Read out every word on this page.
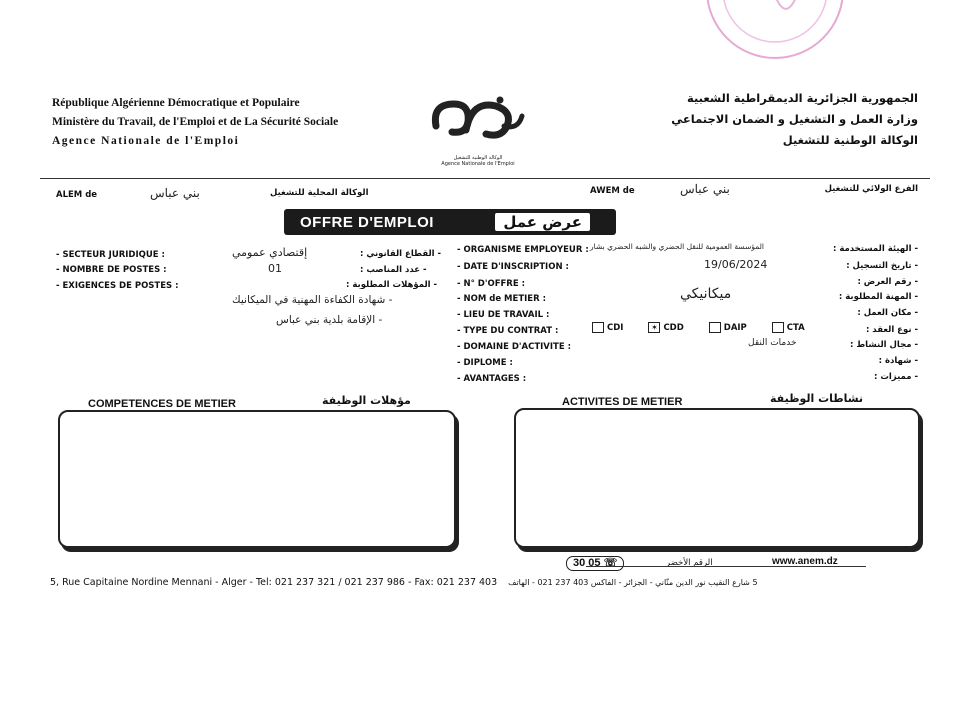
République Algérienne Démocratique et Populaire
Ministère du Travail, de l'Emploi et de La Sécurité Sociale
Agence Nationale de l'Emploi
الوكالة الوطنية للتشغيل
Agence Nationale de l'Emploi
الجمهورية الجزائرية الديمقراطية الشعبية
وزارة العمل و التشغيل و الضمان الاجتماعي
الوكالة الوطنية للتشغيل
ALEM de	بني عباس	الوكالة المحلية للتشغيل	AWEM de	بني عباس	الفرع الولائي للتشغيل
OFFRE D'EMPLOI	عرض عمل
- SECTEUR JURIDIQUE :	إقتصادي عمومي	- القطاع القانوني :
- NOMBRE DE POSTES :	01	- عدد المناصب :
- EXIGENCES DE POSTES :	- المؤهلات المطلوبة :
- شهادة الكفاءة المهنية في الميكانيك
- الإقامة بلدية بني عباس
- ORGANISME EMPLOYEUR : المؤسسة العمومية للنقل الحضري والشبه الحضري بشار	- الهيئة المستخدمة :
- DATE D'INSCRIPTION :	19/06/2024	- تاريخ التسجيل :
- N° D'OFFRE :	- رقم العرض :
- NOM de METIER :	ميكانيكي	- المهنة المطلوبة :
- LIEU DE TRAVAIL :	- مكان العمل :
- TYPE DU CONTRAT :	CDI	✶ CDD	DAIP	CTA	- نوع العقد :
- DOMAINE D'ACTIVITE :	خدمات النقل	- مجال النشاط :
- DIPLOME :	- شهادة :
- AVANTAGES :	- مميزات :
COMPETENCES DE METIER	مؤهلات الوظيفة	ACTIVITES DE METIER	نشاطات الوظيفة
30 05 ☏	الرقم الأخضر	www.anem.dz
5, Rue Capitaine Nordine Mennani - Alger - Tel: 021 237 321 / 021 237 986 - Fax: 021 237 403 5 شارع النقيب نور الدين منّاني - الجزائر - الفاكس 403 237 021 - الهاتف
